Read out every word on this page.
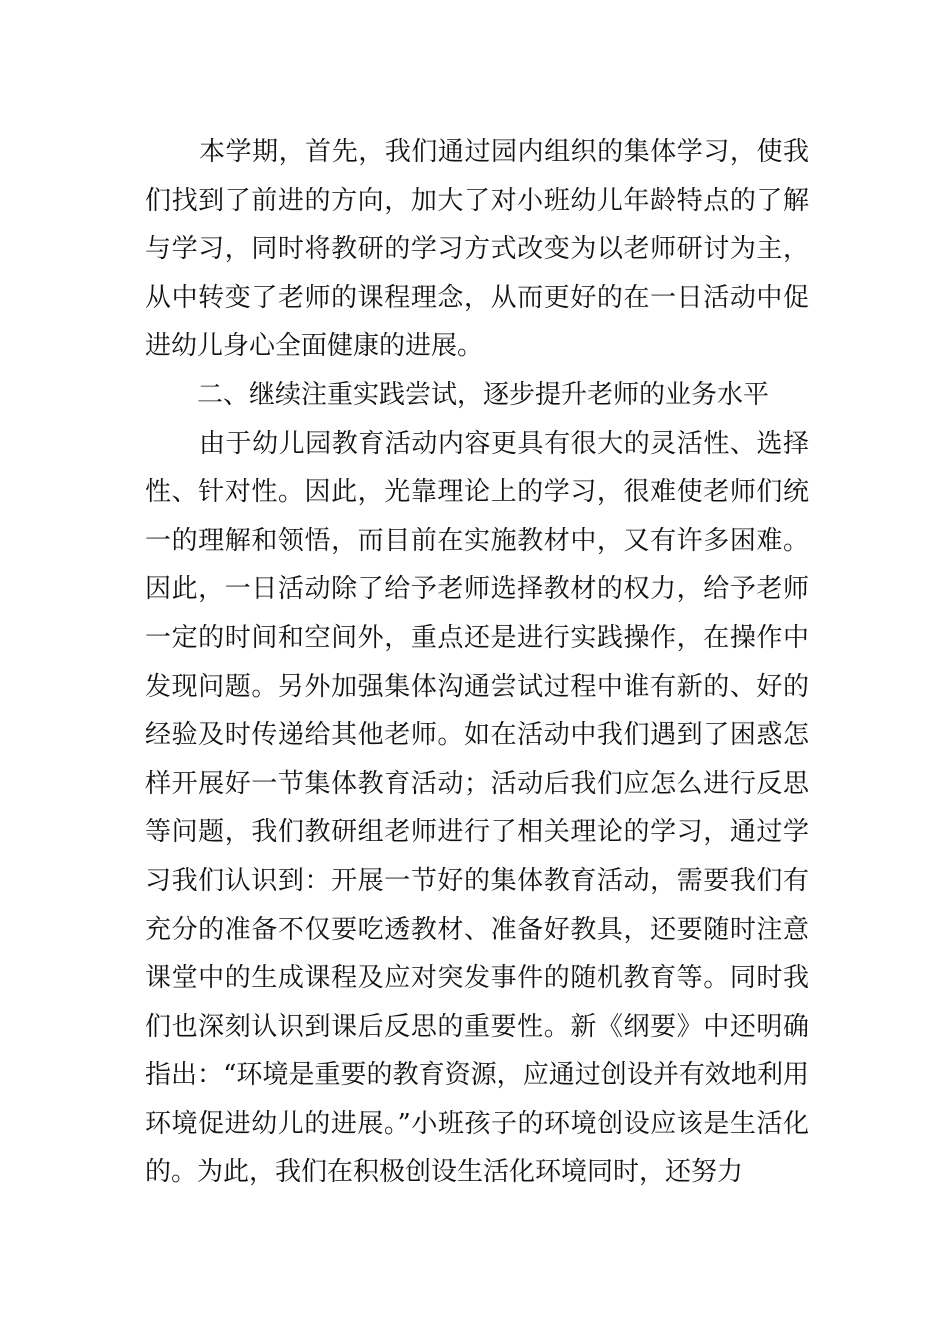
本学期，首先，我们通过园内组织的集体学习，使我们找到了前进的方向，加大了对小班幼儿年龄特点的了解与学习，同时将教研的学习方式改变为以老师研讨为主，从中转变了老师的课程理念，从而更好的在一日活动中促进幼儿身心全面健康的进展。

二、继续注重实践尝试，逐步提升老师的业务水平

由于幼儿园教育活动内容更具有很大的灵活性、选择性、针对性。因此，光靠理论上的学习，很难使老师们统一的理解和领悟，而目前在实施教材中，又有许多困难。因此，一日活动除了给予老师选择教材的权力，给予老师一定的时间和空间外，重点还是进行实践操作，在操作中发现问题。另外加强集体沟通尝试过程中谁有新的、好的经验及时传递给其他老师。如在活动中我们遇到了困惑怎样开展好一节集体教育活动；活动后我们应怎么进行反思等问题，我们教研组老师进行了相关理论的学习，通过学习我们认识到：开展一节好的集体教育活动，需要我们有充分的准备不仅要吃透教材、准备好教具，还要随时注意课堂中的生成课程及应对突发事件的随机教育等。同时我们也深刻认识到课后反思的重要性。新《纲要》中还明确指出：“环境是重要的教育资源，应通过创设并有效地利用环境促进幼儿的进展。”小班孩子的环境创设应该是生活化的。为此，我们在积极创设生活化环境同时，还努力
